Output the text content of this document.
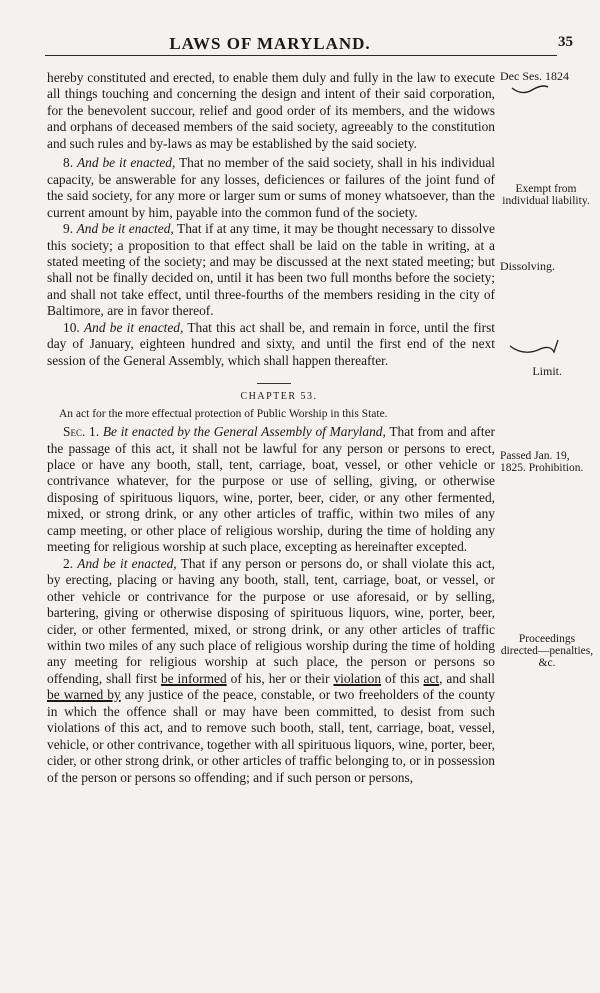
LAWS OF MARYLAND.	35

hereby constituted and erected, to enable them duly and fully in the law to execute all things touching and concerning the design and intent of their said corporation, for the benevolent succour, relief and good order of its members, and the widows and orphans of deceased members of the said society, agreeably to the constitution and such rules and by-laws as may be established by the said society.

8. And be it enacted, That no member of the said society, shall in his individual capacity, be answerable for any losses, deficiences or failures of the joint fund of the said society, for any more or larger sum or sums of money whatsoever, than the current amount by him, payable into the common fund of the society.

9. And be it enacted, That if at any time, it may be thought necessary to dissolve this society; a proposition to that effect shall be laid on the table in writing, at a stated meeting of the society; and may be discussed at the next stated meeting; but shall not be finally decided on, until it has been two full months before the society; and shall not take effect, until three-fourths of the members residing in the city of Baltimore, are in favor thereof.

10. And be it enacted, That this act shall be, and remain in force, until the first day of January, eighteen hundred and sixty, and until the first end of the next session of the General Assembly, which shall happen thereafter.

CHAPTER 53.

An act for the more effectual protection of Public Worship in this State.

Sec. 1. Be it enacted by the General Assembly of Maryland, That from and after the passage of this act, it shall not be lawful for any person or persons to erect, place or have any booth, stall, tent, carriage, boat, vessel, or other vehicle or contrivance whatever, for the purpose or use of selling, giving, or otherwise disposing of spirituous liquors, wine, porter, beer, cider, or any other fermented, mixed, or strong drink, or any other articles of traffic, within two miles of any camp meeting, or other place of religious worship, during the time of holding any meeting for religious worship at such place, excepting as hereinafter excepted.

2. And be it enacted, That if any person or persons do, or shall violate this act, by erecting, placing or having any booth, stall, tent, carriage, boat, or vessel, or other vehicle or contrivance for the purpose or use aforesaid, or by selling, bartering, giving or otherwise disposing of spirituous liquors, wine, porter, beer, cider, or other fermented, mixed, or strong drink, or any other articles of traffic within two miles of any such place of religious worship during the time of holding any meeting for religious worship at such place, the person or persons so offending, shall first be informed of his, her or their violation of this act, and shall be warned by any justice of the peace, constable, or two freeholders of the county in which the offence shall or may have been committed, to desist from such violations of this act, and to remove such booth, stall, tent, carriage, boat, vessel, vehicle, or other contrivance, together with all spirituous liquors, wine, porter, beer, cider, or other strong drink, or other articles of traffic belonging to, or in possession of the person or persons so offending; and if such person or persons,

Dec Ses. 1824
Exempt from individual liability.
Dissolving.
Limit.
Passed Jan. 19, 1825. Prohibition.
Proceedings directed—penalties, &c.
